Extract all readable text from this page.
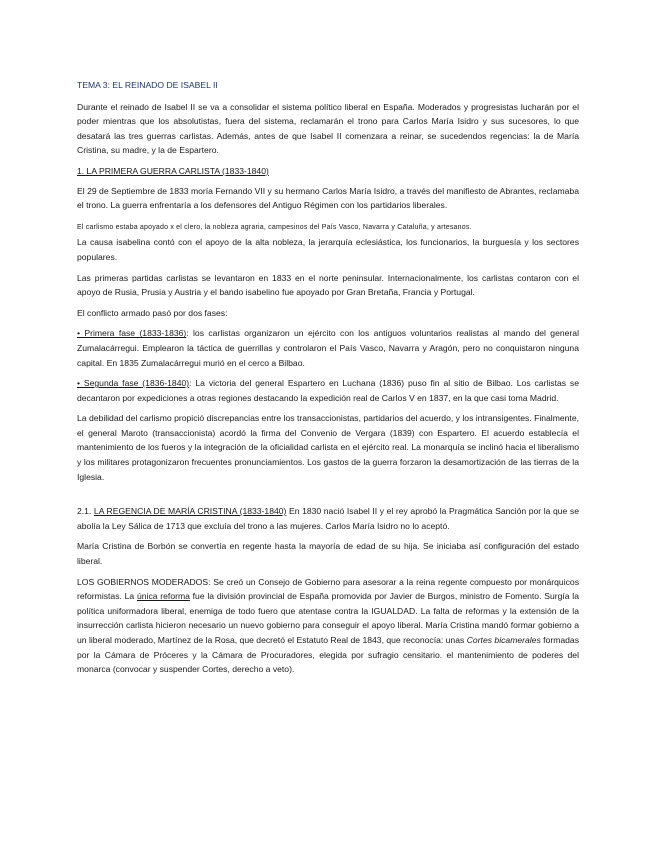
TEMA 3: EL REINADO DE ISABEL II

Durante el reinado de Isabel II se va a consolidar el sistema político liberal en España. Moderados y progresistas lucharán por el poder mientras que los absolutistas, fuera del sistema, reclamarán el trono para Carlos María Isidro y sus sucesores, lo que desatará las tres guerras carlistas. Además, antes de que Isabel II comenzara a reinar, se sucedendos regencias: la de María Cristina, su madre, y la de Espartero.

1. LA PRIMERA GUERRA CARLISTA (1833-1840)

El 29 de Septiembre de 1833 moría Fernando VII y su hermano Carlos María Isidro, a través del manifiesto de Abrantes, reclamaba el trono. La guerra enfrentaría a los defensores del Antiguo Régimen con los partidarios liberales.

El carlismo estaba apoyado x el clero, la nobleza agraria, campesinos del País Vasco, Navarra y Cataluña, y artesanos.
La causa isabelina contó con el apoyo de la alta nobleza, la jerarquía eclesiástica, los funcionarios, la burguesía y los sectores populares.

Las primeras partidas carlistas se levantaron en 1833 en el norte peninsular. Internacionalmente, los carlistas contaron con el apoyo de Rusia, Prusia y Austria y el bando isabelino fue apoyado por Gran Bretaña, Francia y Portugal.

El conflicto armado pasó por dos fases:

• Primera fase (1833-1836): los carlistas organizaron un ejército con los antiguos voluntarios realistas al mando del general Zumalacárregui. Emplearon la táctica de guerrillas y controlaron el País Vasco, Navarra y Aragón, pero no conquistaron ninguna capital. En 1835 Zumalacárregui murió en el cerco a Bilbao.

• Segunda fase (1836-1840): La victoria del general Espartero en Luchana (1836) puso fin al sitio de Bilbao. Los carlistas se decantaron por expediciones a otras regiones destacando la expedición real de Carlos V en 1837, en la que casi toma Madrid.

La debilidad del carlismo propició discrepancias entre los transaccionistas, partidarios del acuerdo, y los intransigentes. Finalmente, el general Maroto (transaccionista) acordó la firma del Convenio de Vergara (1839) con Espartero. El acuerdo establecía el mantenimiento de los fueros y la integración de la oficialidad carlista en el ejército real. La monarquía se inclinó hacia el liberalismo y los militares protagonizaron frecuentes pronunciamientos. Los gastos de la guerra forzaron la desamortización de las tierras de la Iglesia.

2.1. LA REGENCIA DE MARÍA CRISTINA (1833-1840) En 1830 nació Isabel II y el rey aprobó la Pragmática Sanción por la que se abolía la Ley Sálica de 1713 que excluía del trono a las mujeres. Carlos María Isidro no lo aceptó.

María Cristina de Borbón se convertía en regente hasta la mayoría de edad de su hija. Se iniciaba así configuración del estado liberal.

LOS GOBIERNOS MODERADOS: Se creó un Consejo de Gobierno para asesorar a la reina regente compuesto por monárquicos reformistas. La única reforma fue la división provincial de España promovida por Javier de Burgos, ministro de Fomento. Surgía la política uniformadora liberal, enemiga de todo fuero que atentase contra la IGUALDAD. La falta de reformas y la extensión de la insurrección carlista hicieron necesario un nuevo gobierno para conseguir el apoyo liberal. María Cristina mandó formar gobierno a un liberal moderado, Martínez de la Rosa, que decretó el Estatuto Real de 1843, que reconocía: unas Cortes bicamerales formadas por la Cámara de Próceres y la Cámara de Procuradores, elegida por sufragio censitario. el mantenimiento de poderes del monarca (convocar y suspender Cortes, derecho a veto).
